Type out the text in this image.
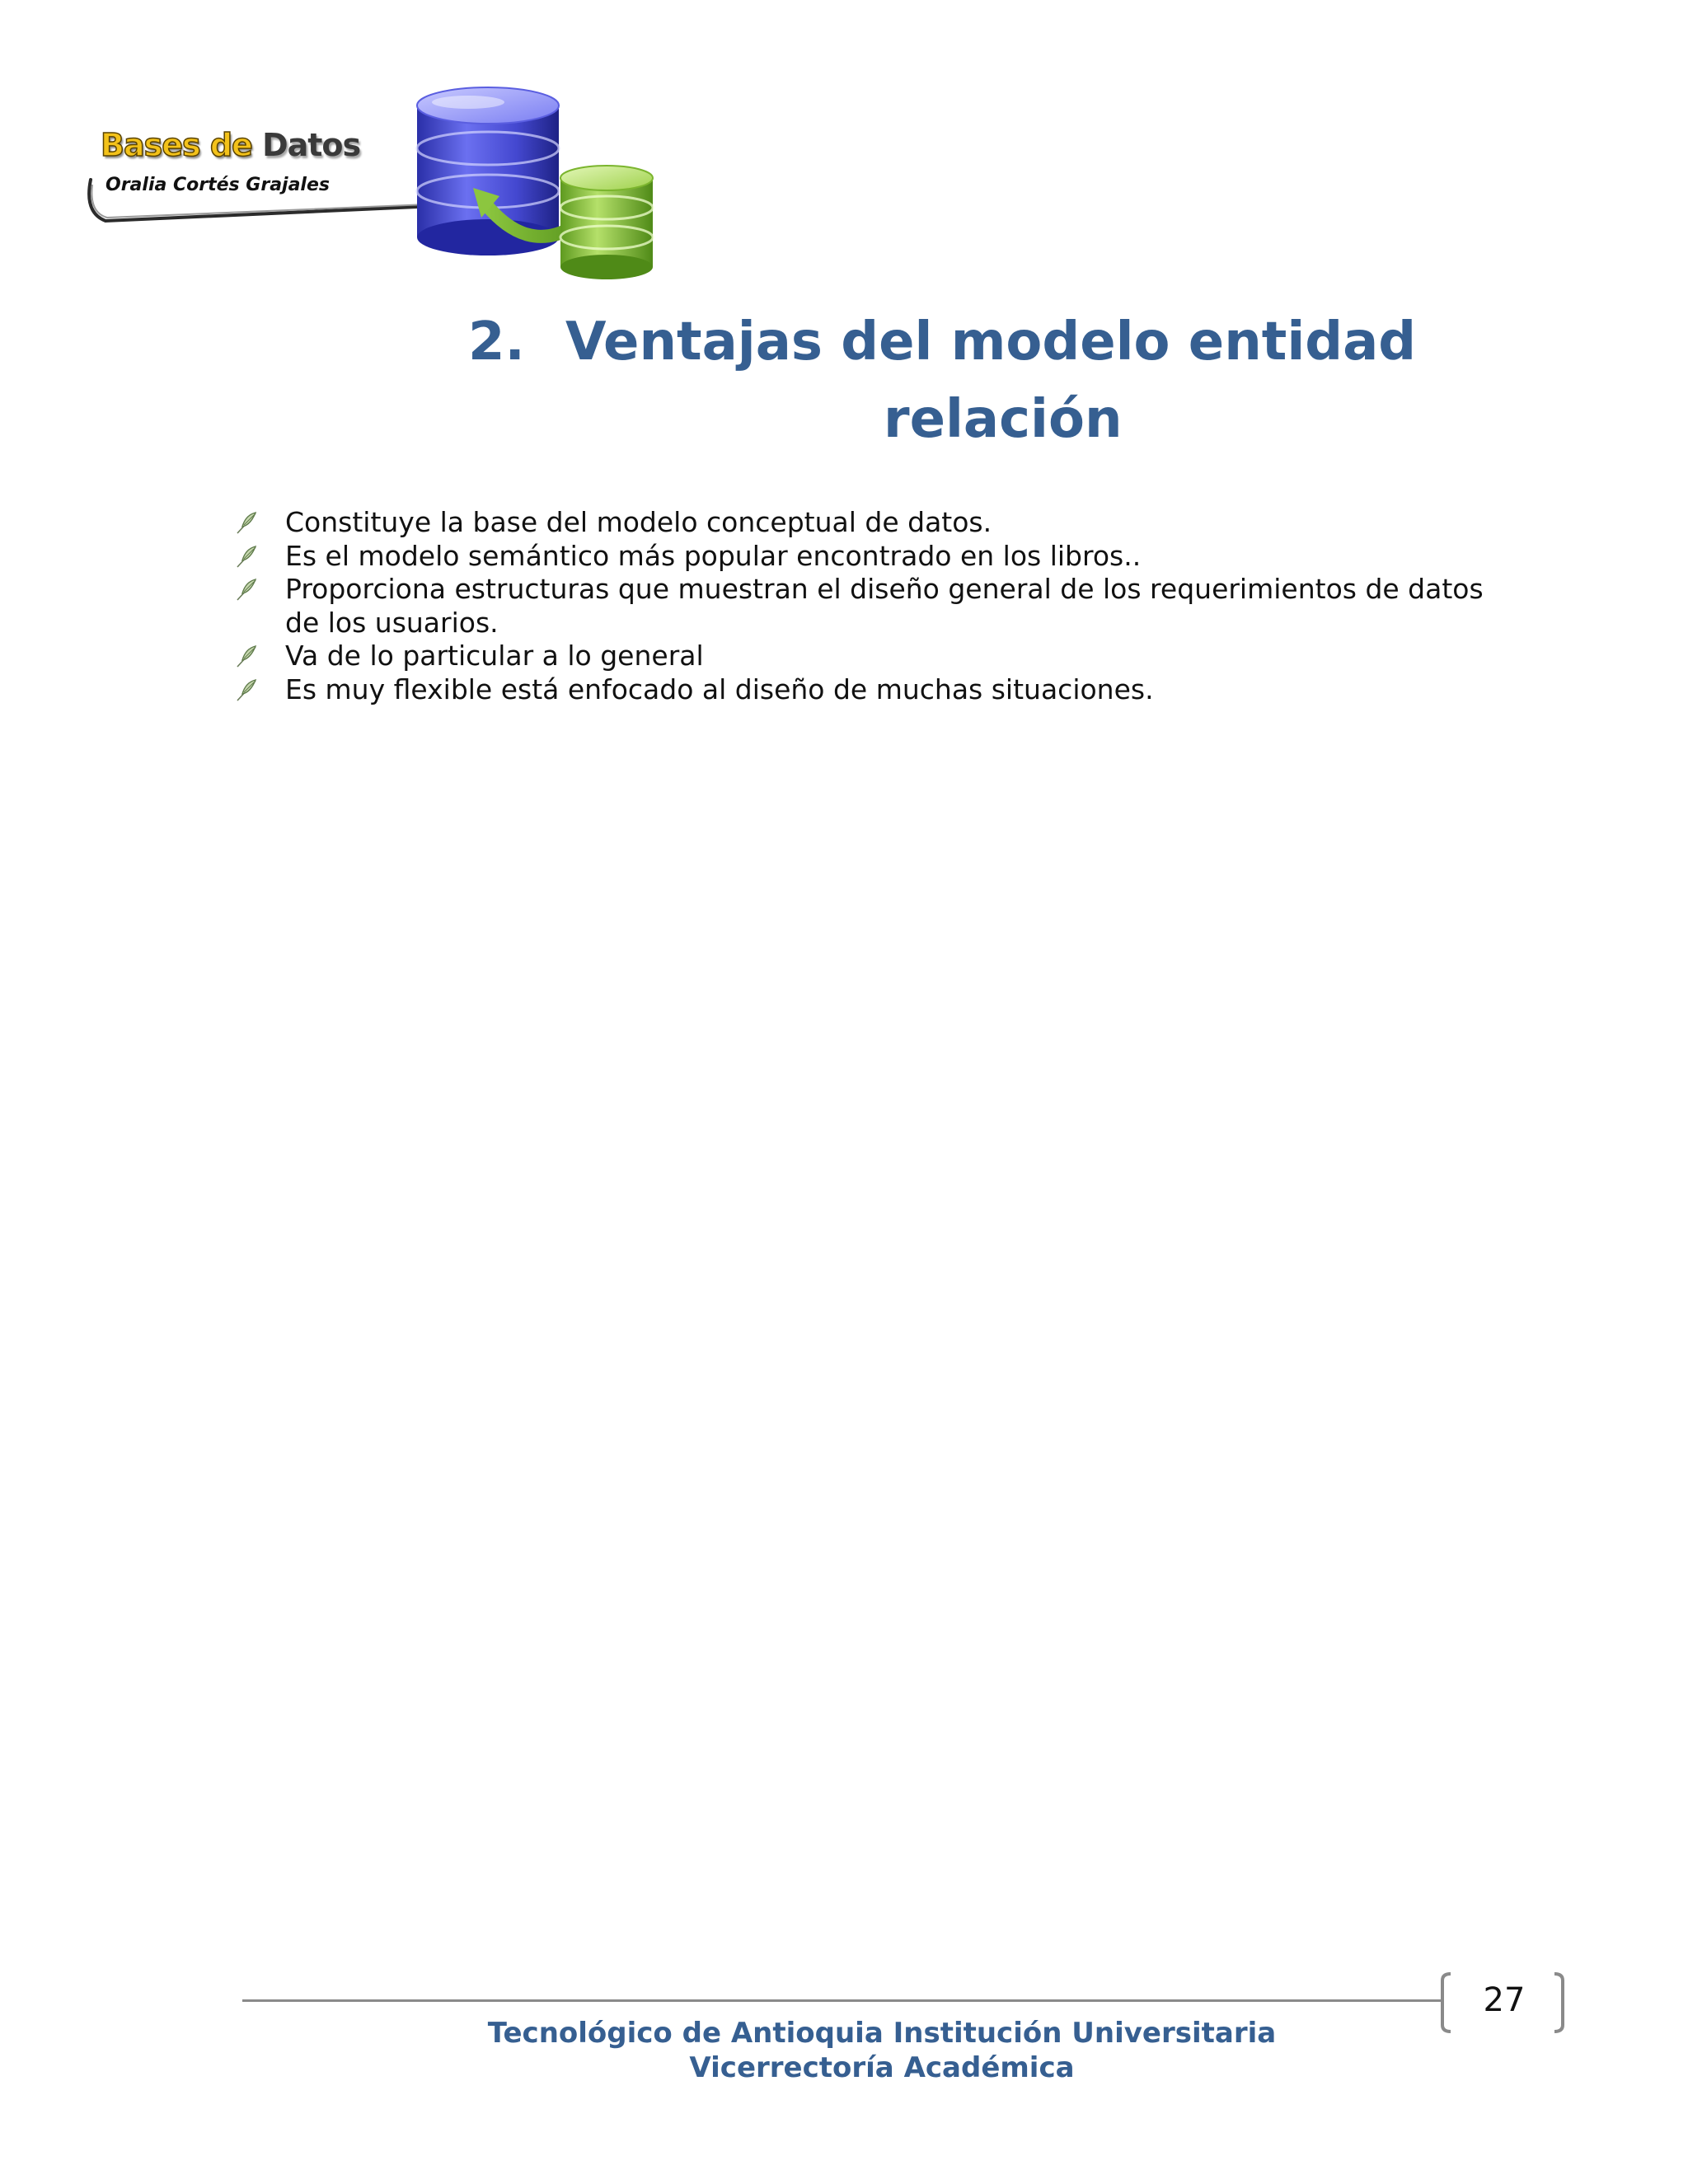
Bases de Datos
Oralia Cortés Grajales
2. Ventajas del modelo entidad
relación
Constituye la base del modelo conceptual de datos.
Es el modelo semántico más popular encontrado en los libros..
Proporciona estructuras que muestran el diseño general de los requerimientos de datos de los usuarios.
Va de lo particular a lo general
Es muy flexible está enfocado al diseño de muchas situaciones.
27
Tecnológico de Antioquia Institución Universitaria
Vicerrectoría Académica
